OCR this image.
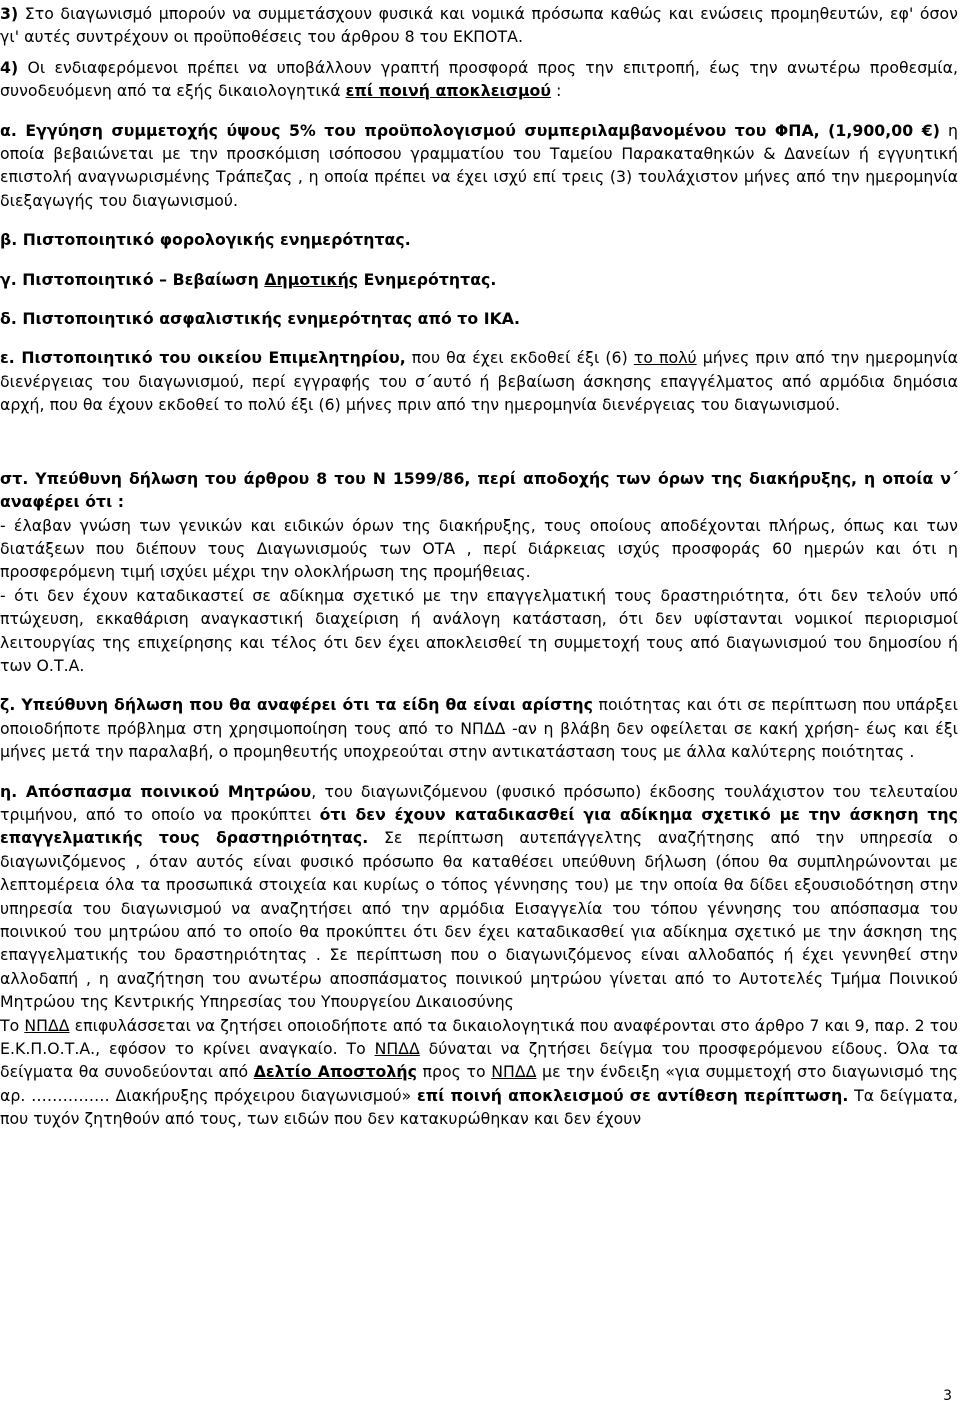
3) Στο διαγωνισμό μπορούν να συμμετάσχουν φυσικά και νομικά πρόσωπα καθώς και ενώσεις προμηθευτών, εφ' όσον γι' αυτές συντρέχουν οι προϋποθέσεις του άρθρου 8 του ΕΚΠΟΤΑ.

4) Οι ενδιαφερόμενοι πρέπει να υποβάλλουν γραπτή προσφορά προς την επιτροπή, έως την ανωτέρω προθεσμία, συνοδευόμενη από τα εξής δικαιολογητικά επί ποινή αποκλεισμού :

α. Εγγύηση συμμετοχής ύψους 5% του προϋπολογισμού συμπεριλαμβανομένου του ΦΠΑ, (1,900,00 €) η οποία βεβαιώνεται με την προσκόμιση ισόποσου γραμματίου του Ταμείου Παρακαταθηκών & Δανείων ή εγγυητική επιστολή αναγνωρισμένης Τράπεζας , η οποία πρέπει να έχει ισχύ επί τρεις (3) τουλάχιστον μήνες από την ημερομηνία διεξαγωγής του διαγωνισμού.

β. Πιστοποιητικό φορολογικής ενημερότητας.

γ. Πιστοποιητικό – Βεβαίωση Δημοτικής Ενημερότητας.

δ. Πιστοποιητικό ασφαλιστικής ενημερότητας από το ΙΚΑ.

ε. Πιστοποιητικό του οικείου Επιμελητηρίου, που θα έχει εκδοθεί έξι (6) το πολύ μήνες πριν από την ημερομηνία διενέργειας του διαγωνισμού, περί εγγραφής του σ΄αυτό ή βεβαίωση άσκησης επαγγέλματος από αρμόδια δημόσια αρχή, που θα έχουν εκδοθεί το πολύ έξι (6) μήνες πριν από την ημερομηνία διενέργειας του διαγωνισμού.

στ. Υπεύθυνη δήλωση του άρθρου 8 του Ν 1599/86, περί αποδοχής των όρων της διακήρυξης, η οποία ν΄ αναφέρει ότι :

- έλαβαν γνώση των γενικών και ειδικών όρων της διακήρυξης, τους οποίους αποδέχονται πλήρως, όπως και των διατάξεων που διέπουν τους Διαγωνισμούς των ΟΤΑ , περί διάρκειας ισχύς προσφοράς 60 ημερών και ότι η προσφερόμενη τιμή ισχύει μέχρι την ολοκλήρωση της προμήθειας.

- ότι δεν έχουν καταδικαστεί σε αδίκημα σχετικό με την επαγγελματική τους δραστηριότητα, ότι δεν τελούν υπό πτώχευση, εκκαθάριση αναγκαστική διαχείριση ή ανάλογη κατάσταση, ότι δεν υφίστανται νομικοί περιορισμοί λειτουργίας της επιχείρησης και τέλος ότι δεν έχει αποκλεισθεί τη συμμετοχή τους από διαγωνισμού του δημοσίου ή των Ο.Τ.Α.

ζ. Υπεύθυνη δήλωση που θα αναφέρει ότι τα είδη θα είναι αρίστης ποιότητας και ότι σε περίπτωση που υπάρξει οποιοδήποτε πρόβλημα στη χρησιμοποίηση τους από το ΝΠΔΔ -αν η βλάβη δεν οφείλεται σε κακή χρήση- έως και έξι μήνες μετά την παραλαβή, ο προμηθευτής υποχρεούται στην αντικατάσταση τους με άλλα καλύτερης ποιότητας .

η. Απόσπασμα ποινικού Μητρώου, του διαγωνιζόμενου (φυσικό πρόσωπο) έκδοσης τουλάχιστον του τελευταίου τριμήνου, από το οποίο να προκύπτει ότι δεν έχουν καταδικασθεί για αδίκημα σχετικό με την άσκηση της επαγγελματικής τους δραστηριότητας. Σε περίπτωση αυτεπάγγελτης αναζήτησης από την υπηρεσία ο διαγωνιζόμενος , όταν αυτός είναι φυσικό πρόσωπο θα καταθέσει υπεύθυνη δήλωση (όπου θα συμπληρώνονται με λεπτομέρεια όλα τα προσωπικά στοιχεία και κυρίως ο τόπος γέννησης του) με την οποία θα δίδει εξουσιοδότηση στην υπηρεσία του διαγωνισμού να αναζητήσει από την αρμόδια Εισαγγελία του τόπου γέννησης του απόσπασμα του ποινικού του μητρώου από το οποίο θα προκύπτει ότι δεν έχει καταδικασθεί για αδίκημα σχετικό με την άσκηση της επαγγελματικής του δραστηριότητας . Σε περίπτωση που ο διαγωνιζόμενος είναι αλλοδαπός ή έχει γεννηθεί στην αλλοδαπή , η αναζήτηση του ανωτέρω αποσπάσματος ποινικού μητρώου γίνεται από το Αυτοτελές Τμήμα Ποινικού Μητρώου της Κεντρικής Υπηρεσίας του Υπουργείου Δικαιοσύνης

Το ΝΠΔΔ επιφυλάσσεται να ζητήσει οποιοδήποτε από τα δικαιολογητικά που αναφέρονται στο άρθρο 7 και 9, παρ. 2 του Ε.Κ.Π.Ο.Τ.Α., εφόσον το κρίνει αναγκαίο. Το ΝΠΔΔ δύναται να ζητήσει δείγμα του προσφερόμενου είδους. Όλα τα δείγματα θα συνοδεύονται από Δελτίο Αποστολής προς το ΝΠΔΔ με την ένδειξη «για συμμετοχή στο διαγωνισμό της αρ. …………… Διακήρυξης πρόχειρου διαγωνισμού» επί ποινή αποκλεισμού σε αντίθεση περίπτωση. Τα δείγματα, που τυχόν ζητηθούν από τους, των ειδών που δεν κατακυρώθηκαν και δεν έχουν

3
